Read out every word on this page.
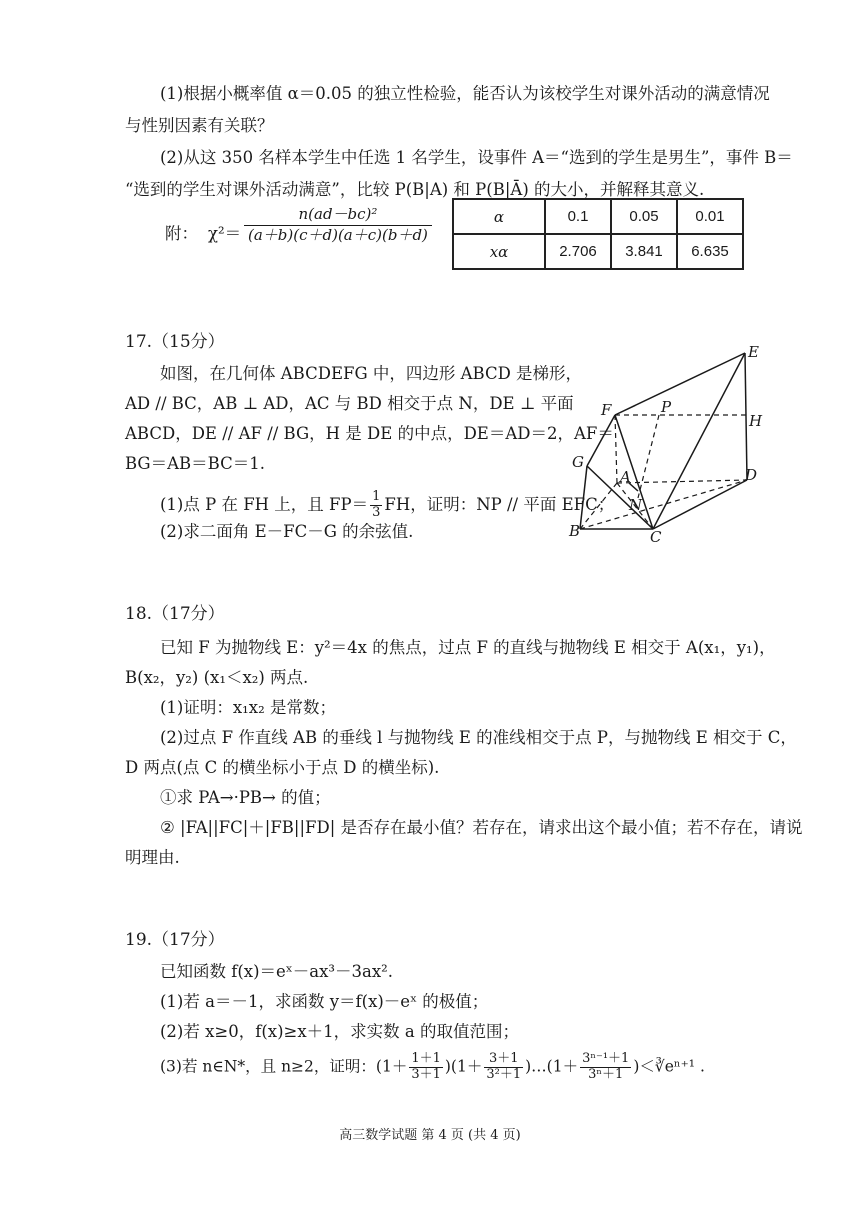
(1)根据小概率值 α＝0.05 的独立性检验，能否认为该校学生对课外活动的满意情况
与性别因素有关联？
(2)从这 350 名样本学生中任选 1 名学生，设事件 A＝“选到的学生是男生”，事件 B＝
“选到的学生对课外活动满意”，比较 P(B|A) 和 P(B|Ā) 的大小，并解释其意义.
附： $\chi^2= \frac{\text{n(ad－bc)²}}{(a+b)(c+d)(a+c)(b+d)}$	α	0.1	0.05	0.01
xα	2.706	3.841	6.635
17.（15分）
如图，在几何体 ABCDEFG 中，四边形 ABCD 是梯形，
AD // BC，AB ⊥ AD，AC 与 BD 相交于点 N，DE ⊥ 平面
ABCD，DE // AF // BG，H 是 DE 的中点，DE＝AD＝2，AF＝
BG＝AB＝BC＝1.
(1)点 P 在 FH 上，且 $FP= \frac{1}{3}$ FH，证明：NP // 平面 EFC；
(2)求二面角 E－FC－G 的余弦值.
E
F	P
H
G
A
N
D
B	C
18.（17分）
已知 F 为抛物线 E：y²＝4x 的焦点，过点 F 的直线与抛物线 E 相交于 A(x₁，y₁)，
B(x₂，y₂) (x₁＜x₂) 两点.
(1)证明：x₁x₂ 是常数；
(2)过点 F 作直线 AB 的垂线 l 与抛物线 E 的准线相交于点 P，与抛物线 E 相交于 C，
D 两点(点 C 的横坐标小于点 D 的横坐标).
①求 PA→·PB→ 的值；
② |FA||FC|＋|FB||FD| 是否存在最小值？若存在，请求出这个最小值；若不存在，请说
明理由.
19.（17分）
已知函数 f(x)＝eˣ－ax³－3ax².
(1)若 a＝－1，求函数 y＝f(x)－eˣ 的极值；
(2)若 x≥0，f(x)≥x＋1，求实数 a 的取值范围；
(3)若 n∈N*，且 n≥2，证明：$(1+ \frac{1+1}{3+1} )(1+ \frac{3+1}{\text{3²＋1}}$ )…(1＋ $\frac{\text{3ⁿ⁻¹＋1}}{\text{3ⁿ＋1}}$ )＜∛eⁿ⁺¹ .
高三数学试题 第 4 页 (共 4 页)
